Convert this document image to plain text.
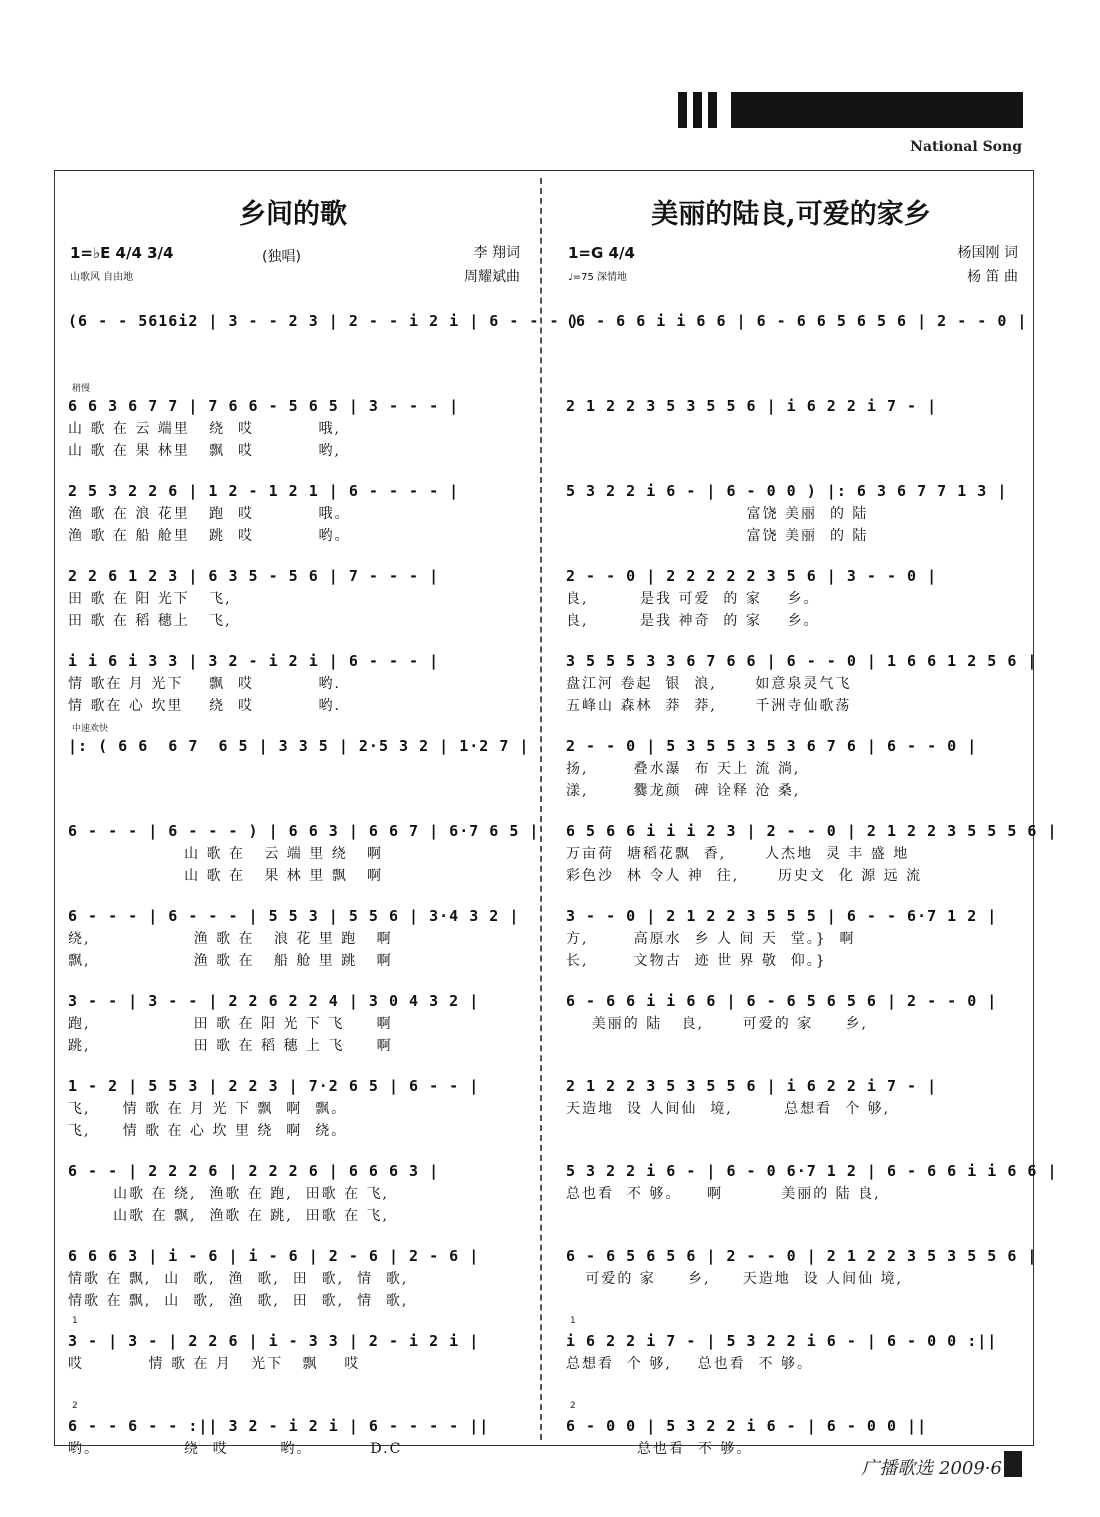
National Song
乡间的歌
1=♭E 4/4 3/4
山歌风 自由地
(独唱)	李 翔词
周耀斌曲
(6 - - 5616i2 | 3 - - 2 3 | 2 - - i 2 i | 6 - - - )
稍慢
6 6 3 6 7 7 | 7 6 6 - 5 6 5 | 3 - - - |
山 歌 在 云 端里   绕  哎          哦,
山 歌 在 果 林里   飘  哎          哟,
2 5 3 2 2 6 | 1 2 - 1 2 1 | 6 - - - - |
渔 歌 在 浪 花里   跑  哎          哦。
渔 歌 在 船 舱里   跳  哎          哟。
2 2 6 1 2 3 | 6 3 5 - 5 6 | 7 - - - |
田 歌 在 阳 光下   飞,
田 歌 在 稻 穗上   飞,
i i 6 i 3 3 | 3 2 - i 2 i | 6 - - - |
情 歌在 月 光下    飘  哎          哟.
情 歌在 心 坎里    绕  哎          哟.
中速欢快
|: ( 6 6  6 7  6 5 | 3 3 5 | 2·5 3 2 | 1·2 7 |
6 - - - | 6 - - - ) | 6 6 3 | 6 6 7 | 6·7 6 5 |
山 歌 在   云 端 里 绕   啊
山 歌 在   果 林 里 飘   啊
6 - - - | 6 - - - | 5 5 3 | 5 5 6 | 3·4 3 2 |
绕,                渔 歌 在   浪 花 里 跑   啊
飘,                渔 歌 在   船 舱 里 跳   啊
3 - - | 3 - - | 2 2 6 2 2 4 | 3 0 4 3 2 |
跑,                田 歌 在 阳 光 下 飞     啊
跳,                田 歌 在 稻 穗 上 飞     啊
1 - 2 | 5 5 3 | 2 2 3 | 7·2 6 5 | 6 - - |
飞,     情 歌 在 月 光 下 飘  啊  飘。
飞,     情 歌 在 心 坎 里 绕  啊  绕。
6 - - | 2 2 2 6 | 2 2 2 6 | 6 6 6 3 |
山歌 在 绕,  渔歌 在 跑,  田歌 在 飞,
山歌 在 飘,  渔歌 在 跳,  田歌 在 飞,
6 6 6 3 | i - 6 | i - 6 | 2 - 6 | 2 - 6 |
情歌 在 飘,  山  歌,  渔  歌,  田  歌,  情  歌,
情歌 在 飘,  山  歌,  渔  歌,  田  歌,  情  歌,
1
3 - | 3 - | 2 2 6 | i - 3 3 | 2 - i 2 i |
哎          情 歌 在 月   光下   飘    哎
2
6 - - 6 - - :|| 3 2 - i 2 i | 6 - - - - ||
哟。             绕  哎        哟。         D.C
美丽的陆良,可爱的家乡
1=G 4/4
♩=75 深情地
杨国刚 词
杨 笛 曲
(6 - 6 6 i i 6 6 | 6 - 6 6 5 6 5 6 | 2 - - 0 |
2 1 2 2 3 5 3 5 5 6 | i 6 2 2 i 7 - |
5 3 2 2 i 6 - | 6 - 0 0 ) |: 6 3 6 7 7 1 3 |
富饶 美丽  的 陆
富饶 美丽  的 陆
2 - - 0 | 2 2 2 2 2 3 5 6 | 3 - - 0 |
良,        是我 可爱  的 家    乡。
良,        是我 神奇  的 家    乡。
3 5 5 5 3 3 6 7 6 6 | 6 - - 0 | 1 6 6 1 2 5 6 |
盘江河 卷起  银  浪,      如意泉灵气飞
五峰山 森林  莽  莽,      千洲寺仙歌荡
2 - - 0 | 5 3 5 5 3 5 3 6 7 6 | 6 - - 0 |
扬,       叠水瀑  布 天上 流 淌,
漾,       爨龙颜  碑 诠释 沧 桑,
6 5 6 6 i i i 2 3 | 2 - - 0 | 2 1 2 2 3 5 5 5 6 |
万亩荷  塘稻花飘  香,      人杰地  灵 丰 盛 地
彩色沙  林 令人 神  往,      历史文  化 源 远 流
3 - - 0 | 2 1 2 2 3 5 5 5 | 6 - - 6·7 1 2 |
方,       高原水  乡 人 间 天  堂。}  啊
长,       文物古  迹 世 界 敬  仰。}
6 - 6 6 i i 6 6 | 6 - 6 5 6 5 6 | 2 - - 0 |
美丽的 陆   良,      可爱的 家     乡,
2 1 2 2 3 5 3 5 5 6 | i 6 2 2 i 7 - |
天造地  设 人间仙  境,        总想看  个 够,
5 3 2 2 i 6 - | 6 - 0 6·7 1 2 | 6 - 6 6 i i 6 6 |
总也看  不 够。    啊         美丽的 陆 良,
6 - 6 5 6 5 6 | 2 - - 0 | 2 1 2 2 3 5 3 5 5 6 |
可爱的 家     乡,     天造地  设 人间仙 境,
1
i 6 2 2 i 7 - | 5 3 2 2 i 6 - | 6 - 0 0 :||
总想看  个 够,    总也看  不 够。
2
6 - 0 0 | 5 3 2 2 i 6 - | 6 - 0 0 ||
总也看  不 够。
广播歌选 2009·6
